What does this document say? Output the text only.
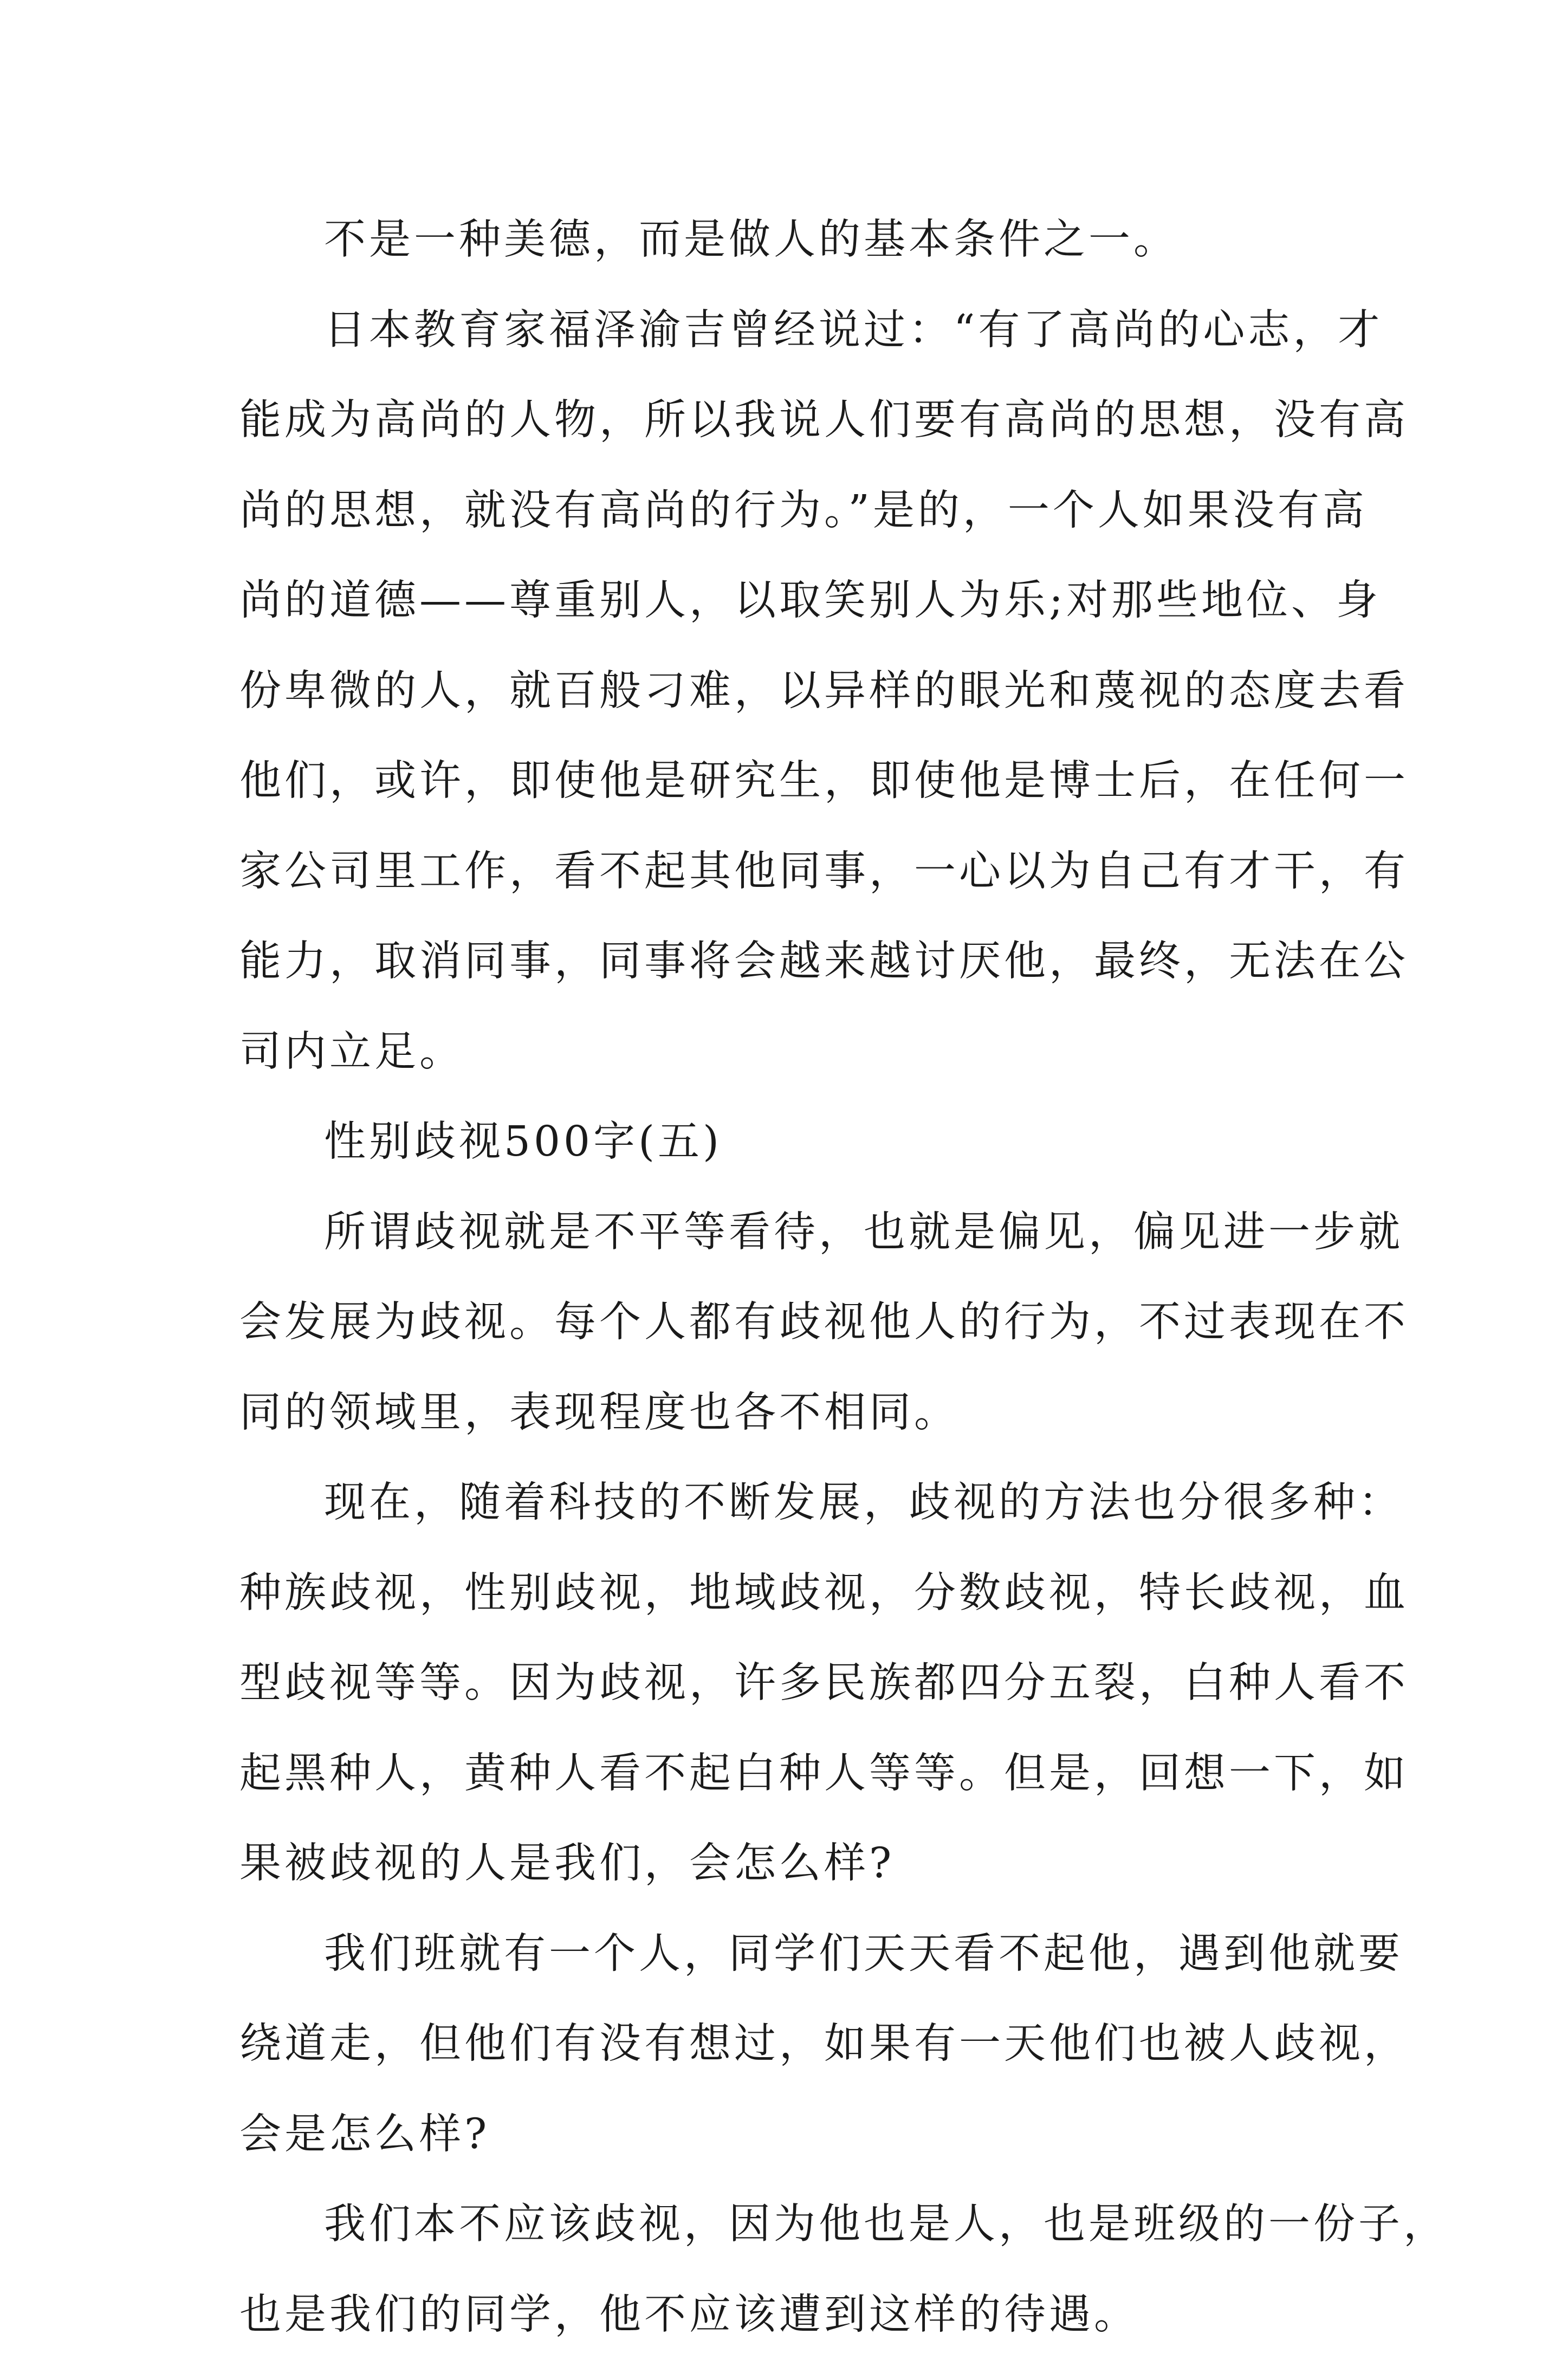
不是一种美德，而是做人的基本条件之一。
日本教育家福泽渝吉曾经说过：“有了高尚的心志，才
能成为高尚的人物，所以我说人们要有高尚的思想，没有高
尚的思想，就没有高尚的行为。”是的，一个人如果没有高
尚的道德——尊重别人，以取笑别人为乐;对那些地位、身
份卑微的人，就百般刁难，以异样的眼光和蔑视的态度去看
他们，或许，即使他是研究生，即使他是博士后，在任何一
家公司里工作，看不起其他同事，一心以为自己有才干，有
能力，取消同事，同事将会越来越讨厌他，最终，无法在公
司内立足。
性别歧视500字(五)
所谓歧视就是不平等看待，也就是偏见，偏见进一步就
会发展为歧视。每个人都有歧视他人的行为，不过表现在不
同的领域里，表现程度也各不相同。
现在，随着科技的不断发展，歧视的方法也分很多种：
种族歧视，性别歧视，地域歧视，分数歧视，特长歧视，血
型歧视等等。因为歧视，许多民族都四分五裂，白种人看不
起黑种人，黄种人看不起白种人等等。但是，回想一下，如
果被歧视的人是我们，会怎么样?
我们班就有一个人，同学们天天看不起他，遇到他就要
绕道走，但他们有没有想过，如果有一天他们也被人歧视，
会是怎么样?
我们本不应该歧视，因为他也是人，也是班级的一份子，
也是我们的同学，他不应该遭到这样的待遇。
